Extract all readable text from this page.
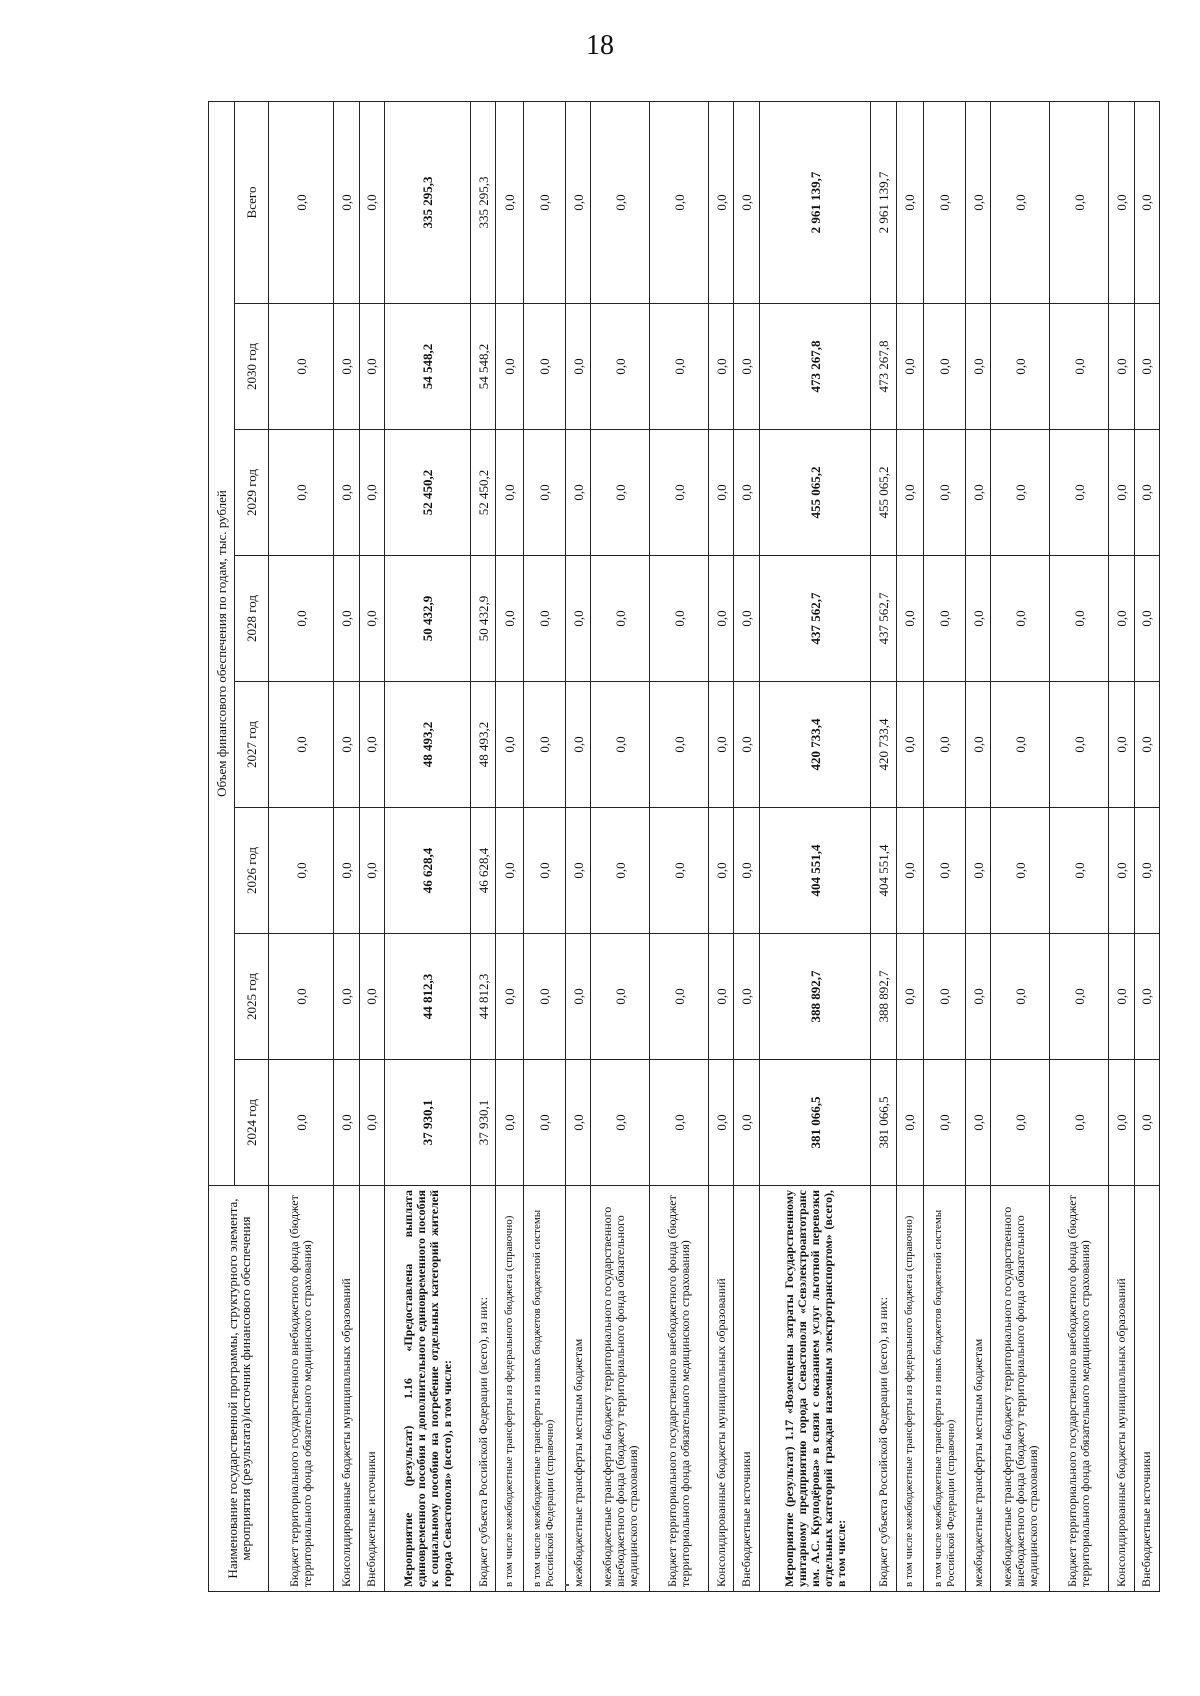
18
Наименование государственной программы, структурного элемента, мероприятия (результата)/источник финансового обеспечения	Объем финансового обеспечения по годам, тыс. рублей							
	2024 год	2025 год	2026 год	2027 год	2028 год	2029 год	2030 год	Всего
Бюджет территориального государственного внебюджетного фонда (бюджет территориального фонда обязательного медицинского страхования)	0,0	0,0	0,0	0,0	0,0	0,0	0,0	0,0
Консолидированные бюджеты муниципальных образований	0,0	0,0	0,0	0,0	0,0	0,0	0,0	0,0
Внебюджетные источники	0,0	0,0	0,0	0,0	0,0	0,0	0,0	0,0
Мероприятие (результат) 1.16 «Предоставлена выплата единовременного пособия и дополнительного единовременного пособия к социальному пособию на погребение отдельных категорий жителей города Севастополя» (всего), в том числе:	37 930,1	44 812,3	46 628,4	48 493,2	50 432,9	52 450,2	54 548,2	335 295,3
Бюджет субъекта Российской Федерации (всего), из них:	37 930,1	44 812,3	46 628,4	48 493,2	50 432,9	52 450,2	54 548,2	335 295,3
в том числе межбюджетные трансферты из федерального бюджета (справочно)	0,0	0,0	0,0	0,0	0,0	0,0	0,0	0,0
в том числе межбюджетные трансферты из иных бюджетов бюджетной системы Российской Федерации (справочно)	0,0	0,0	0,0	0,0	0,0	0,0	0,0	0,0
межбюджетные трансферты местным бюджетам	0,0	0,0	0,0	0,0	0,0	0,0	0,0	0,0
межбюджетные трансферты бюджету территориального государственного внебюджетного фонда (бюджету территориального фонда обязательного медицинского страхования)	0,0	0,0	0,0	0,0	0,0	0,0	0,0	0,0
Бюджет территориального государственного внебюджетного фонда (бюджет территориального фонда обязательного медицинского страхования)	0,0	0,0	0,0	0,0	0,0	0,0	0,0	0,0
Консолидированные бюджеты муниципальных образований	0,0	0,0	0,0	0,0	0,0	0,0	0,0	0,0
Внебюджетные источники	0,0	0,0	0,0	0,0	0,0	0,0	0,0	0,0
Мероприятие (результат) 1.17 «Возмещены затраты Государственному унитарному предприятию города Севастополя «Севэлектроавтотранс им. А.С. Круподёрова» в связи с оказанием услуг льготной перевозки отдельных категорий граждан наземным электротранспортом» (всего), в том числе:	381 066,5	388 892,7	404 551,4	420 733,4	437 562,7	455 065,2	473 267,8	2 961 139,7
Бюджет субъекта Российской Федерации (всего), из них:	381 066,5	388 892,7	404 551,4	420 733,4	437 562,7	455 065,2	473 267,8	2 961 139,7
в том числе межбюджетные трансферты из федерального бюджета (справочно)	0,0	0,0	0,0	0,0	0,0	0,0	0,0	0,0
в том числе межбюджетные трансферты из иных бюджетов бюджетной системы Российской Федерации (справочно)	0,0	0,0	0,0	0,0	0,0	0,0	0,0	0,0
межбюджетные трансферты местным бюджетам	0,0	0,0	0,0	0,0	0,0	0,0	0,0	0,0
межбюджетные трансферты бюджету территориального государственного внебюджетного фонда (бюджету территориального фонда обязательного медицинского страхования)	0,0	0,0	0,0	0,0	0,0	0,0	0,0	0,0
Бюджет территориального государственного внебюджетного фонда (бюджет территориального фонда обязательного медицинского страхования)	0,0	0,0	0,0	0,0	0,0	0,0	0,0	0,0
Консолидированные бюджеты муниципальных образований	0,0	0,0	0,0	0,0	0,0	0,0	0,0	0,0
Внебюджетные источники	0,0	0,0	0,0	0,0	0,0	0,0	0,0	0,0
